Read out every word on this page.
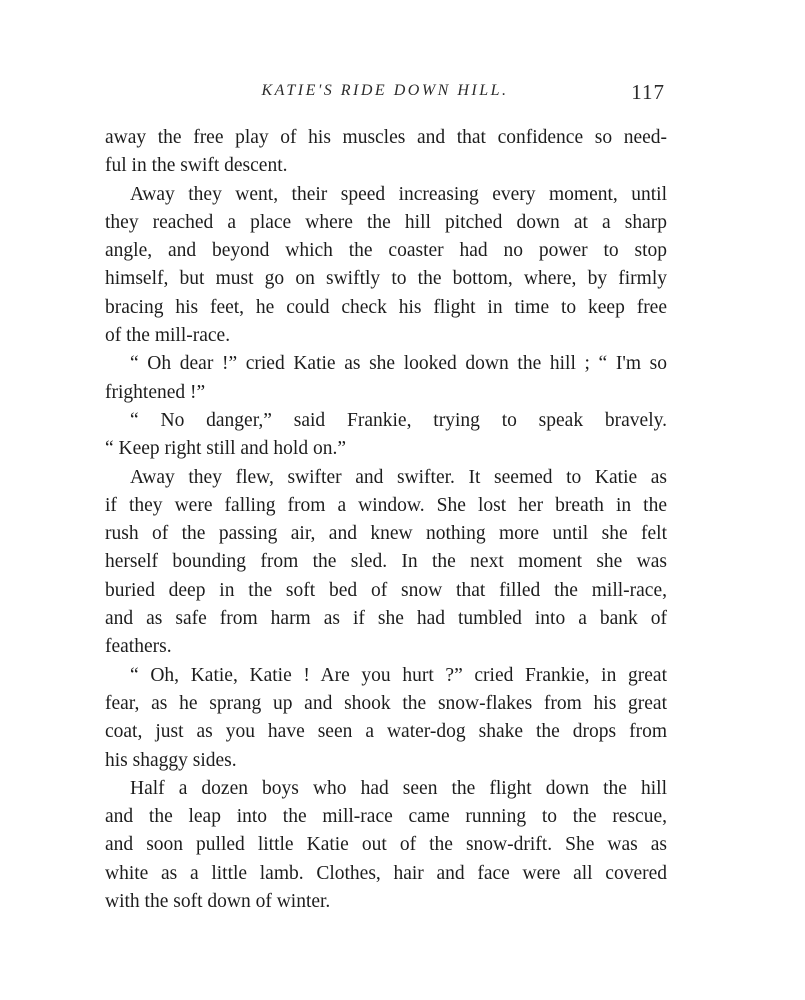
KATIE'S RIDE DOWN HILL.	117
away the free play of his muscles and that confidence so need-
ful in the swift descent.
Away they went, their speed increasing every moment, until
they reached a place where the hill pitched down at a sharp
angle, and beyond which the coaster had no power to stop
himself, but must go on swiftly to the bottom, where, by firmly
bracing his feet, he could check his flight in time to keep free
of the mill-race.
“ Oh dear !” cried Katie as she looked down the hill ; “ I'm so
frightened !”
“ No danger,” said Frankie, trying to speak bravely.
“ Keep right still and hold on.”
Away they flew, swifter and swifter. It seemed to Katie as
if they were falling from a window. She lost her breath in the
rush of the passing air, and knew nothing more until she felt
herself bounding from the sled. In the next moment she was
buried deep in the soft bed of snow that filled the mill-race,
and as safe from harm as if she had tumbled into a bank of
feathers.
“ Oh, Katie, Katie ! Are you hurt ?” cried Frankie, in great
fear, as he sprang up and shook the snow-flakes from his great
coat, just as you have seen a water-dog shake the drops from
his shaggy sides.
Half a dozen boys who had seen the flight down the hill
and the leap into the mill-race came running to the rescue,
and soon pulled little Katie out of the snow-drift. She was as
white as a little lamb. Clothes, hair and face were all covered
with the soft down of winter.
